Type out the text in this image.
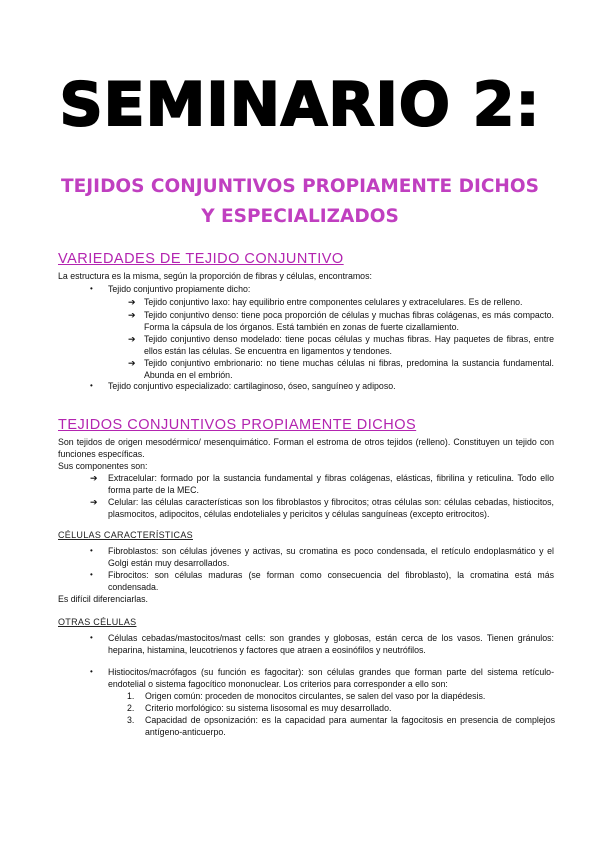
SEMINARIO 2:
TEJIDOS CONJUNTIVOS PROPIAMENTE DICHOS Y ESPECIALIZADOS
VARIEDADES DE TEJIDO CONJUNTIVO
La estructura es la misma, según la proporción de fibras y células, encontramos:
• Tejido conjuntivo propiamente dicho:
➔ Tejido conjuntivo laxo: hay equilibrio entre componentes celulares y extracelulares. Es de relleno.
➔ Tejido conjuntivo denso: tiene poca proporción de células y muchas fibras colágenas, es más compacto. Forma la cápsula de los órganos. Está también en zonas de fuerte cizallamiento.
➔ Tejido conjuntivo denso modelado: tiene pocas células y muchas fibras. Hay paquetes de fibras, entre ellos están las células. Se encuentra en ligamentos y tendones.
➔ Tejido conjuntivo embrionario: no tiene muchas células ni fibras, predomina la sustancia fundamental. Abunda en el embrión.
• Tejido conjuntivo especializado: cartilaginoso, óseo, sanguíneo y adiposo.
TEJIDOS CONJUNTIVOS PROPIAMENTE DICHOS
Son tejidos de origen mesodérmico/ mesenquimático. Forman el estroma de otros tejidos (relleno). Constituyen un tejido con funciones específicas.
Sus componentes son:
➔ Extracelular: formado por la sustancia fundamental y fibras colágenas, elásticas, fibrilina y reticulina. Todo ello forma parte de la MEC.
➔ Celular: las células características son los fibroblastos y fibrocitos; otras células son: células cebadas, histiocitos, plasmocitos, adipocitos, células endoteliales y pericitos y células sanguíneas (excepto eritrocitos).
CÉLULAS CARACTERÍSTICAS
• Fibroblastos: son células jóvenes y activas, su cromatina es poco condensada, el retículo endoplasmático y el Golgi están muy desarrollados.
• Fibrocitos: son células maduras (se forman como consecuencia del fibroblasto), la cromatina está más condensada.
Es difícil diferenciarlas.
OTRAS CÉLULAS
• Células cebadas/mastocitos/mast cells: son grandes y globosas, están cerca de los vasos. Tienen gránulos: heparina, histamina, leucotrienos y factores que atraen a eosinófilos y neutrófilos.
• Histiocitos/macrófagos (su función es fagocitar): son células grandes que forman parte del sistema retículo-endotelial o sistema fagocítico mononuclear. Los criterios para corresponder a ello son:
1. Origen común: proceden de monocitos circulantes, se salen del vaso por la diapédesis.
2. Criterio morfológico: su sistema lisosomal es muy desarrollado.
3. Capacidad de opsonización: es la capacidad para aumentar la fagocitosis en presencia de complejos antígeno-anticuerpo.
